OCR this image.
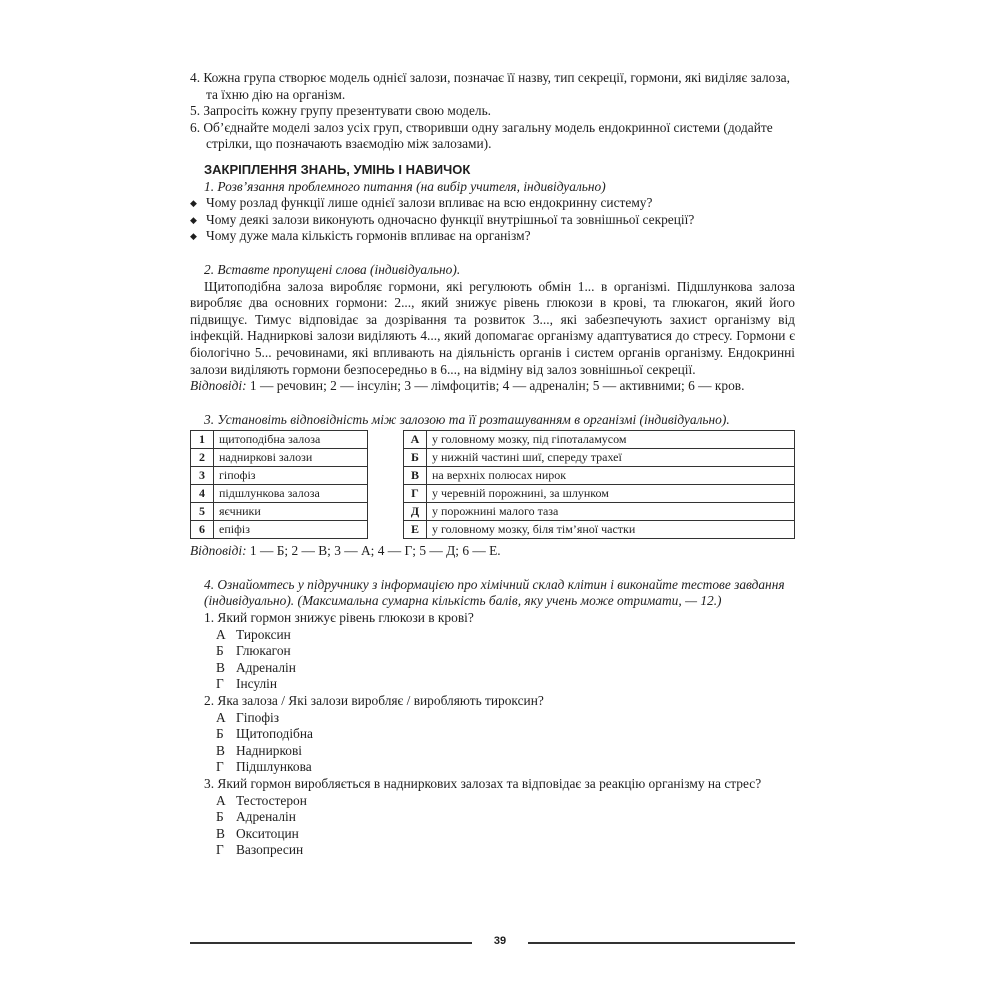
4. Кожна група створює модель однієї залози, позначає її назву, тип секреції, гормони, які виділяє залоза, та їхню дію на організм.
5. Запросіть кожну групу презентувати свою модель.
6. Об’єднайте моделі залоз усіх груп, створивши одну загальну модель ендокринної системи (додайте стрілки, що позначають взаємодію між залозами).
ЗАКРІПЛЕННЯ ЗНАНЬ, УМІНЬ І НАВИЧОК
1. Розв’язання проблемного питання (на вибір учителя, індивідуально)
◆ Чому розлад функції лише однієї залози впливає на всю ендокринну систему?
◆ Чому деякі залози виконують одночасно функції внутрішньої та зовнішньої секреції?
◆ Чому дуже мала кількість гормонів впливає на організм?
2. Вставте пропущені слова (індивідуально).
Щитоподібна залоза виробляє гормони, які регулюють обмін 1... в організмі. Підшлункова залоза виробляє два основних гормони: 2..., який знижує рівень глюкози в крові, та глюкагон, який його підвищує. Тимус відповідає за дозрівання та розвиток 3..., які забезпечують захист організму від інфекцій. Надниркові залози виділяють 4..., який допомагає організму адаптуватися до стресу. Гормони є біологічно 5... речовинами, які впливають на діяльність органів і систем органів організму. Ендокринні залози виділяють гормони безпосередньо в 6..., на відміну від залоз зовнішньої секреції.
Відповіді: 1 — речовин; 2 — інсулін; 3 — лімфоцитів; 4 — адреналін; 5 — активними; 6 — кров.
3. Установіть відповідність між залозою та її розташуванням в організмі (індивідуально).
1	щитоподібна залоза
2	надниркові залози
3	гіпофіз
4	підшлункова залоза
5	яєчники
6	епіфіз
А	у головному мозку, під гіпоталамусом
Б	у нижній частині шиї, спереду трахеї
В	на верхніх полюсах нирок
Г	у черевній порожнині, за шлунком
Д	у порожнині малого таза
Е	у головному мозку, біля тім’яної частки
Відповіді: 1 — Б; 2 — В; 3 — А; 4 — Г; 5 — Д; 6 — Е.
4. Ознайомтесь у підручнику з інформацією про хімічний склад клітин і виконайте тестове завдання (індивідуально). (Максимальна сумарна кількість балів, яку учень може отримати, — 12.)
1. Який гормон знижує рівень глюкози в крові?
А Тироксин
Б Глюкагон
В Адреналін
Г Інсулін
2. Яка залоза / Які залози виробляє / виробляють тироксин?
А Гіпофіз
Б Щитоподібна
В Надниркові
Г Підшлункова
3. Який гормон виробляється в надниркових залозах та відповідає за реакцію організму на стрес?
А Тестостерон
Б Адреналін
В Окситоцин
Г Вазопресин
39
